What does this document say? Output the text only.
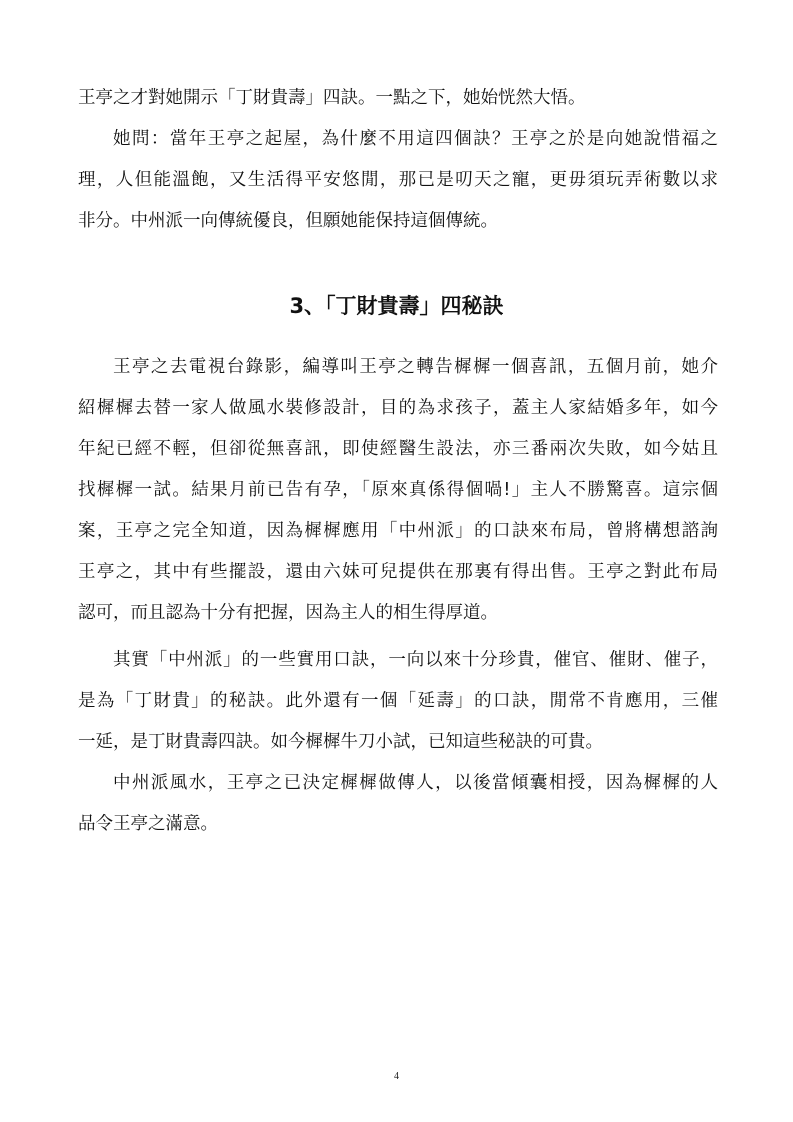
王亭之才對她開示「丁財貴壽」四訣。一點之下，她始恍然大悟。
她問：當年王亭之起屋，為什麼不用這四個訣？王亭之於是向她說惜福之
理，人但能溫飽，又生活得平安悠閒，那已是叨天之寵，更毋須玩弄術數以求
非分。中州派一向傳統優良，但願她能保持這個傳統。
3、「丁財貴壽」四秘訣
王亭之去電視台錄影，編導叫王亭之轉告樨樨一個喜訊，五個月前，她介
紹樨樨去替一家人做風水裝修設計，目的為求孩子，蓋主人家結婚多年，如今
年紀已經不輕，但卻從無喜訊，即使經醫生設法，亦三番兩次失敗，如今姑且
找樨樨一試。結果月前已告有孕，「原來真係得個喎!」主人不勝驚喜。這宗個
案，王亭之完全知道，因為樨樨應用「中州派」的口訣來布局，曾將構想諮詢
王亭之，其中有些擺設，還由六妹可兒提供在那裏有得出售。王亭之對此布局
認可，而且認為十分有把握，因為主人的相生得厚道。
其實「中州派」的一些實用口訣，一向以來十分珍貴，催官、催財、催子，
是為「丁財貴」的秘訣。此外還有一個「延壽」的口訣，閒常不肯應用，三催
一延，是丁財貴壽四訣。如今樨樨牛刀小試，已知這些秘訣的可貴。
中州派風水，王亭之已決定樨樨做傳人，以後當傾囊相授，因為樨樨的人
品令王亭之滿意。
4
